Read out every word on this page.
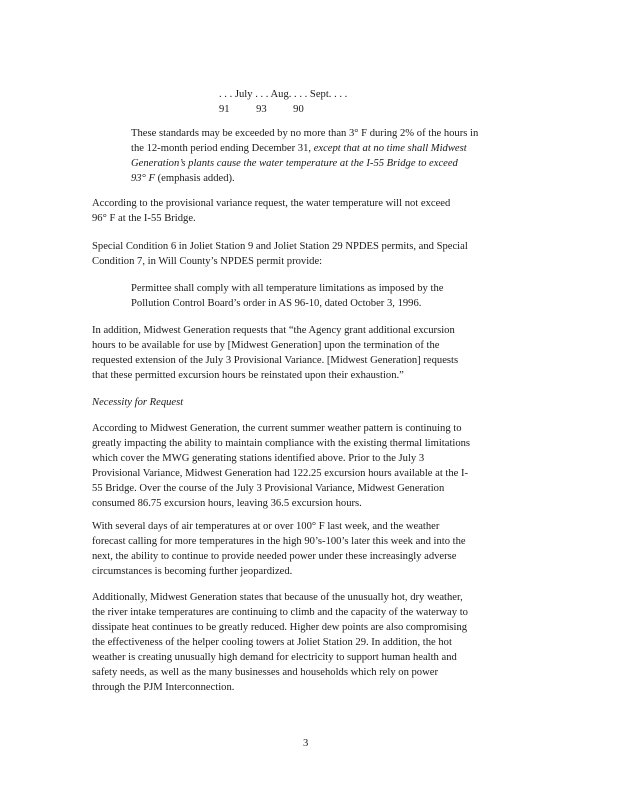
. . . July . . . Aug. . . . Sept. . . .
91          93          90
These standards may be exceeded by no more than 3° F during 2% of the hours in
the 12-month period ending December 31, except that at no time shall Midwest
Generation’s plants cause the water temperature at the I-55 Bridge to exceed
93° F (emphasis added).
According to the provisional variance request, the water temperature will not exceed
96° F at the I-55 Bridge.
Special Condition 6 in Joliet Station 9 and Joliet Station 29 NPDES permits, and Special
Condition 7, in Will County’s NPDES permit provide:
Permittee shall comply with all temperature limitations as imposed by the
Pollution Control Board’s order in AS 96-10, dated October 3, 1996.
In addition, Midwest Generation requests that “the Agency grant additional excursion
hours to be available for use by [Midwest Generation] upon the termination of the
requested extension of the July 3 Provisional Variance. [Midwest Generation] requests
that these permitted excursion hours be reinstated upon their exhaustion.”
Necessity for Request
According to Midwest Generation, the current summer weather pattern is continuing to
greatly impacting the ability to maintain compliance with the existing thermal limitations
which cover the MWG generating stations identified above. Prior to the July 3
Provisional Variance, Midwest Generation had 122.25 excursion hours available at the I-
55 Bridge. Over the course of the July 3 Provisional Variance, Midwest Generation
consumed 86.75 excursion hours, leaving 36.5 excursion hours.
With several days of air temperatures at or over 100° F last week, and the weather
forecast calling for more temperatures in the high 90’s-100’s later this week and into the
next, the ability to continue to provide needed power under these increasingly adverse
circumstances is becoming further jeopardized.
Additionally, Midwest Generation states that because of the unusually hot, dry weather,
the river intake temperatures are continuing to climb and the capacity of the waterway to
dissipate heat continues to be greatly reduced. Higher dew points are also compromising
the effectiveness of the helper cooling towers at Joliet Station 29. In addition, the hot
weather is creating unusually high demand for electricity to support human health and
safety needs, as well as the many businesses and households which rely on power
through the PJM Interconnection.
3
